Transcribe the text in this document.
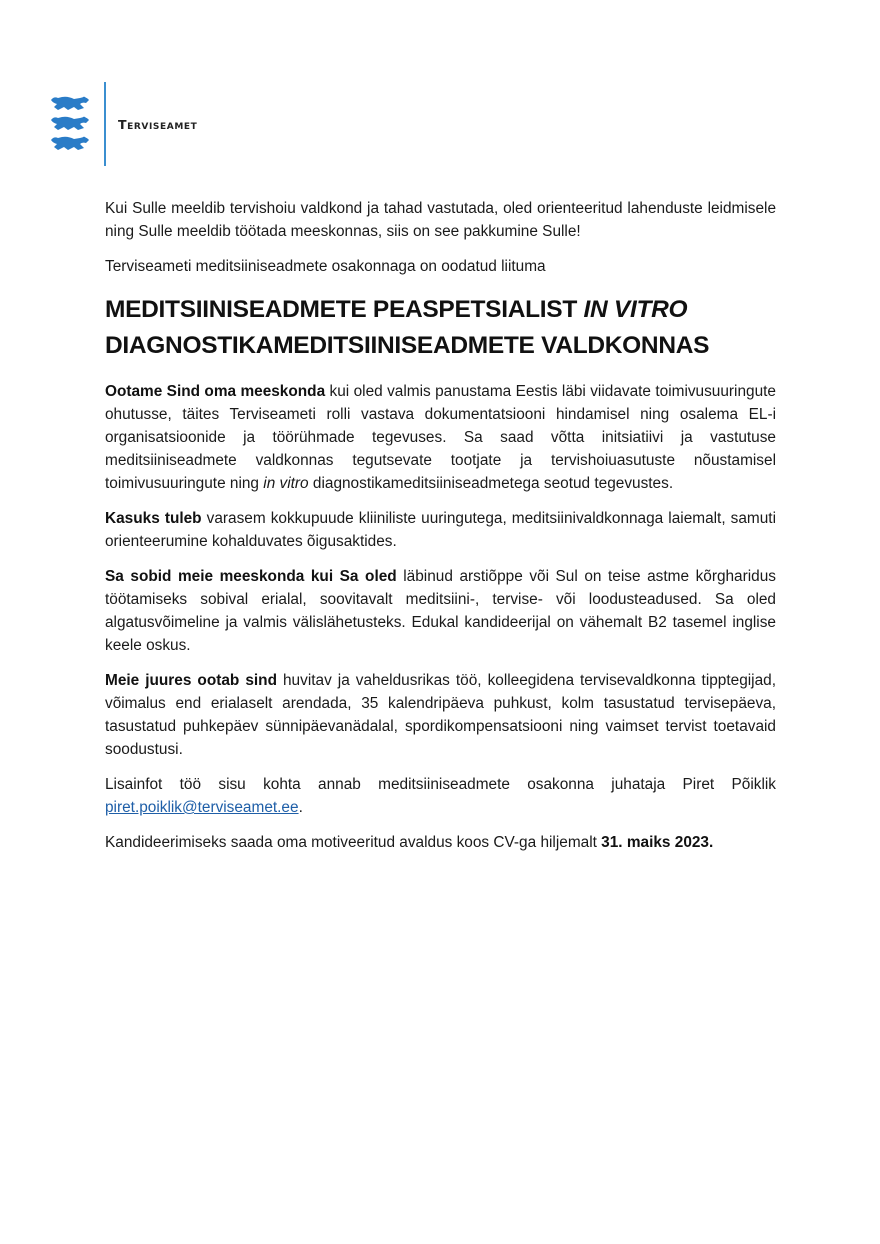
Terviseamet

Kui Sulle meeldib tervishoiu valdkond ja tahad vastutada, oled orienteeritud lahenduste leidmisele ning Sulle meeldib töötada meeskonnas, siis on see pakkumine Sulle!

Terviseameti meditsiiniseadmete osakonnaga on oodatud liituma

MEDITSIINISEADMETE PEASPETSIALIST IN VITRO DIAGNOSTIKAMEDITSIINISEADMETE VALDKONNAS

Ootame Sind oma meeskonda kui oled valmis panustama Eestis läbi viidavate toimivusuuringute ohutusse, täites Terviseameti rolli vastava dokumentatsiooni hindamisel ning osalema EL-i organisatsioonide ja töörühmade tegevuses. Sa saad võtta initsiatiivi ja vastutuse meditsiiniseadmete valdkonnas tegutsevate tootjate ja tervishoiuasutuste nõustamisel toimivusuuringute ning in vitro diagnostikameditsiiniseadmetega seotud tegevustes.

Kasuks tuleb varasem kokkupuude kliiniliste uuringutega, meditsiinivaldkonnaga laiemalt, samuti orienteerumine kohalduvates õigusaktides.

Sa sobid meie meeskonda kui Sa oled läbinud arstiõppe või Sul on teise astme kõrgharidus töötamiseks sobival erialal, soovitavalt meditsiini-, tervise- või loodusteadused. Sa oled algatusvõimeline ja valmis välislähetusteks. Edukal kandideerijal on vähemalt B2 tasemel inglise keele oskus.

Meie juures ootab sind huvitav ja vaheldusrikas töö, kolleegidena tervisevaldkonna tipptegijad, võimalus end erialaselt arendada, 35 kalendripäeva puhkust, kolm tasustatud tervisepäeva, tasustatud puhkepäev sünnipäevanädalal, spordikompensatsiooni ning vaimset tervist toetavaid soodustusi.

Lisainfot töö sisu kohta annab meditsiiniseadmete osakonna juhataja Piret Põiklik piret.poiklik@terviseamet.ee.

Kandideerimiseks saada oma motiveeritud avaldus koos CV-ga hiljemalt 31. maiks 2023.
